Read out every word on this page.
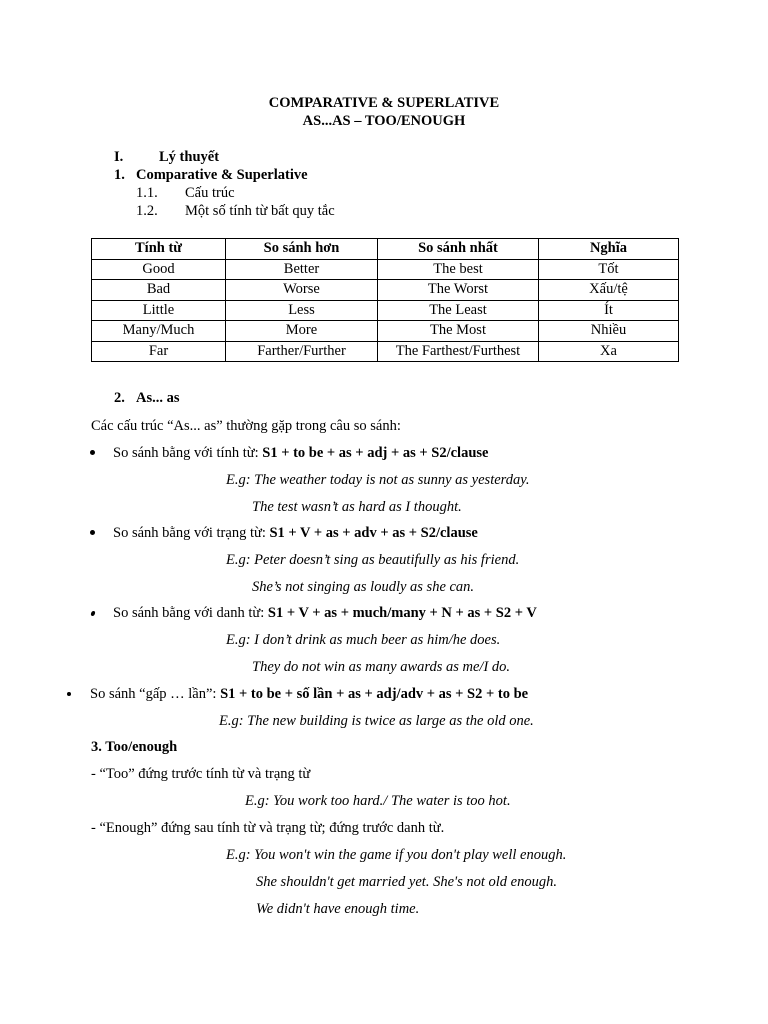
COMPARATIVE & SUPERLATIVE
AS...AS – TOO/ENOUGH
I. Lý thuyết
1. Comparative & Superlative
1.1. Cấu trúc
1.2. Một số tính từ bất quy tắc
Tính từ	So sánh hơn	So sánh nhất	Nghĩa
Good	Better	The best	Tốt
Bad	Worse	The Worst	Xấu/tệ
Little	Less	The Least	Ít
Many/Much	More	The Most	Nhiều
Far	Farther/Further	The Farthest/Furthest	Xa
2. As... as
Các cấu trúc “As... as” thường gặp trong câu so sánh:
So sánh bằng với tính từ: S1 + to be + as + adj + as + S2/clause
E.g: The weather today is not as sunny as yesterday.
The test wasn’t as hard as I thought.
So sánh bằng với trạng từ: S1 + V + as + adv + as + S2/clause
E.g: Peter doesn’t sing as beautifully as his friend.
She’s not singing as loudly as she can.
So sánh bằng với danh từ: S1 + V + as + much/many + N + as + S2 + V
E.g: I don’t drink as much beer as him/he does.
They do not win as many awards as me/I do.
So sánh “gấp … lần”: S1 + to be + số lần + as + adj/adv + as + S2 + to be
E.g: The new building is twice as large as the old one.
3. Too/enough
- “Too” đứng trước tính từ và trạng từ
E.g: You work too hard./ The water is too hot.
- “Enough” đứng sau tính từ và trạng từ; đứng trước danh từ.
E.g: You won't win the game if you don't play well enough.
She shouldn't get married yet. She's not old enough.
We didn't have enough time.
